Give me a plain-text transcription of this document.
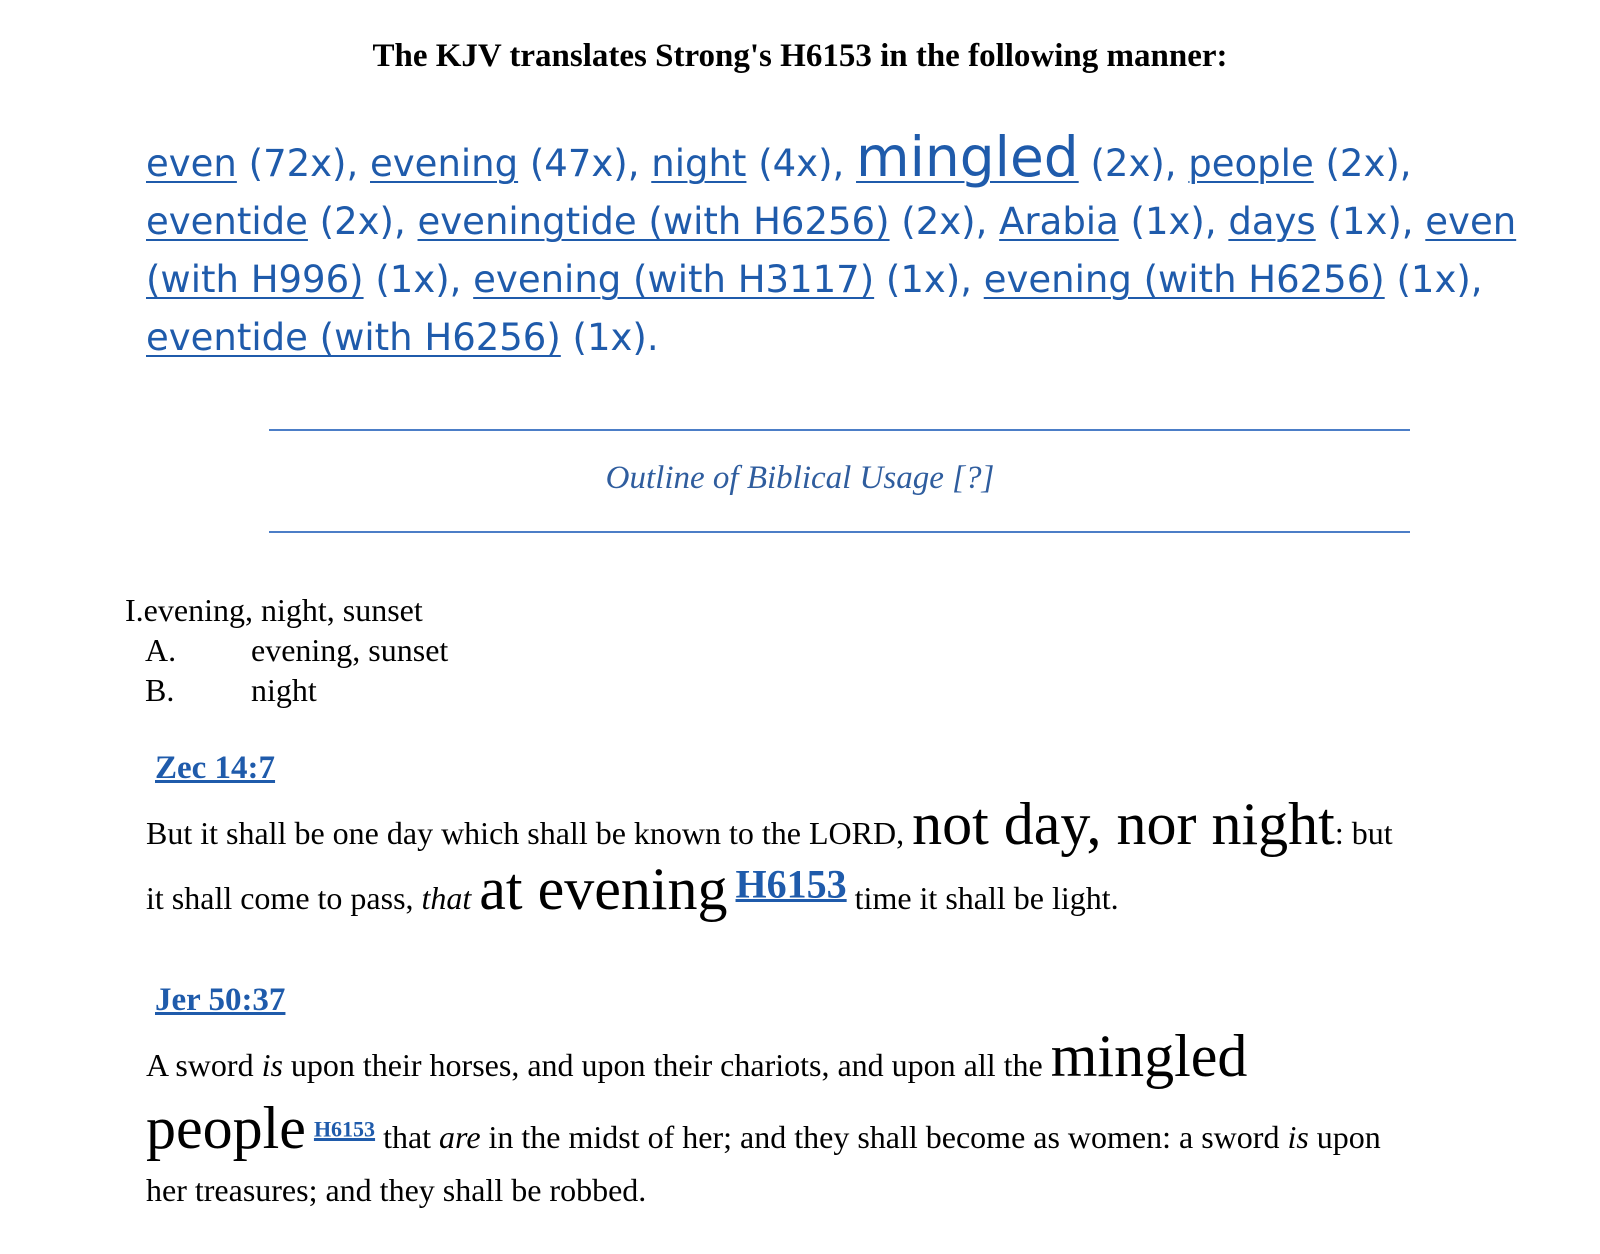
The KJV translates Strong's H6153 in the following manner:
even (72x), evening (47x), night (4x), mingled (2x), people (2x), eventide (2x), eveningtide (with H6256) (2x), Arabia (1x), days (1x), even (with H996) (1x), evening (with H3117) (1x), evening (with H6256) (1x), eventide (with H6256) (1x).
Outline of Biblical Usage [?]
I.evening, night, sunset
A. evening, sunset
B. night
Zec 14:7
But it shall be one day which shall be known to the LORD, not day, nor night: but
it shall come to pass, that at evening $^{H6153}$ time it shall be light.
Jer 50:37
A sword is upon their horses, and upon their chariots, and upon all the mingled
people $^{H6153}$ that are in the midst of her; and they shall become as women: a sword is upon
her treasures; and they shall be robbed.
